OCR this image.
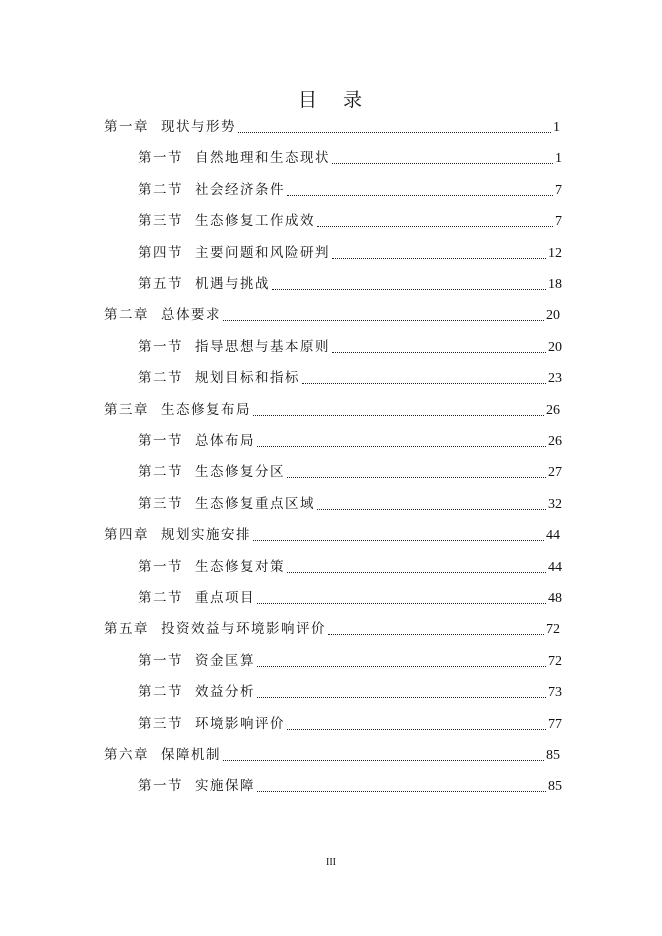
目 录
第一章 现状与形势	1
第一节 自然地理和生态现状	1
第二节 社会经济条件	7
第三节 生态修复工作成效	7
第四节 主要问题和风险研判	12
第五节 机遇与挑战	18
第二章 总体要求	20
第一节 指导思想与基本原则	20
第二节 规划目标和指标	23
第三章 生态修复布局	26
第一节 总体布局	26
第二节 生态修复分区	27
第三节 生态修复重点区域	32
第四章 规划实施安排	44
第一节 生态修复对策	44
第二节 重点项目	48
第五章 投资效益与环境影响评价	72
第一节 资金匡算	72
第二节 效益分析	73
第三节 环境影响评价	77
第六章 保障机制	85
第一节 实施保障	85
III
